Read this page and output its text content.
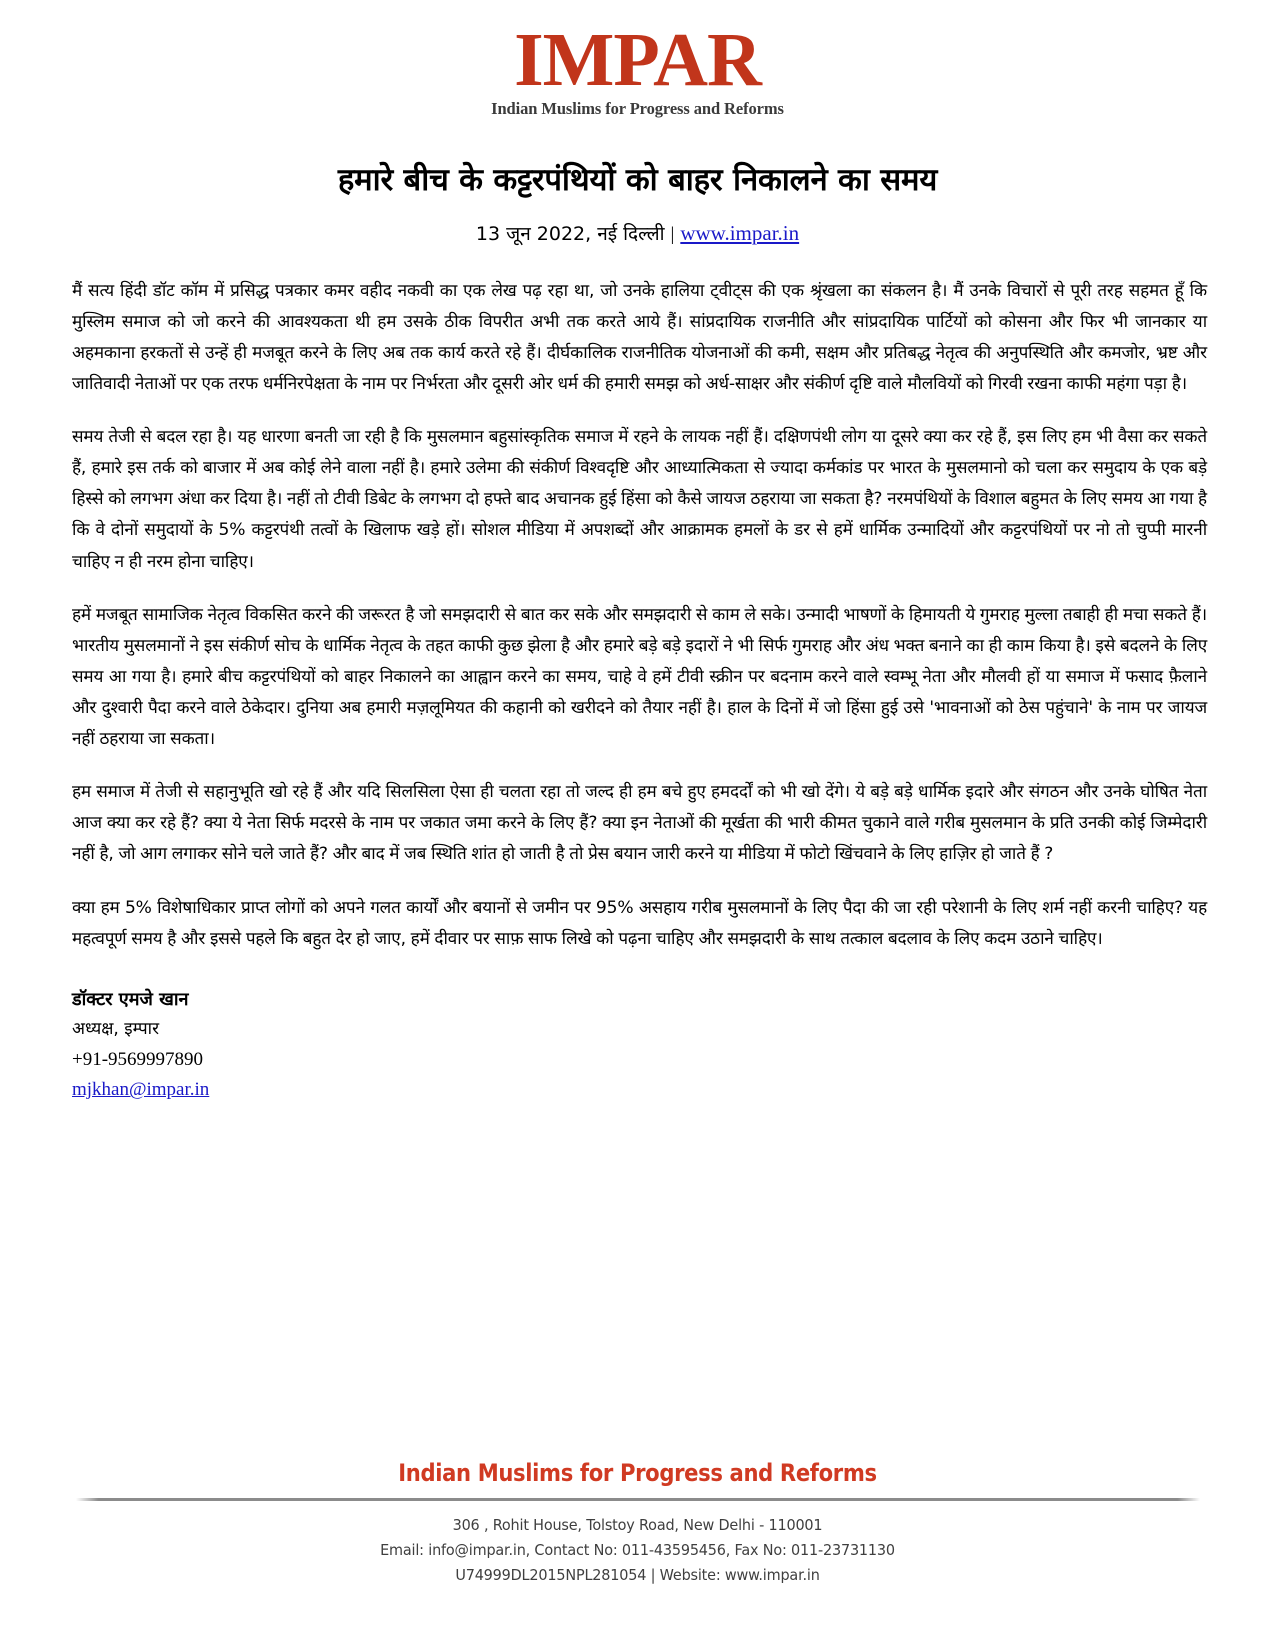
IMPAR
Indian Muslims for Progress and Reforms
हमारे बीच के कट्टरपंथियों को बाहर निकालने का समय
13 जून 2022, नई दिल्ली | www.impar.in

मैं सत्य हिंदी डॉट कॉम में प्रसिद्ध पत्रकार कमर वहीद नकवी का एक लेख पढ़ रहा था, जो उनके हालिया ट्वीट्स की एक श्रृंखला का संकलन है। मैं उनके विचारों से पूरी तरह सहमत हूँ कि मुस्लिम समाज को जो करने की आवश्यकता थी हम उसके ठीक विपरीत अभी तक करते आये हैं। सांप्रदायिक राजनीति और सांप्रदायिक पार्टियों को कोसना और फिर भी जानकार या अहमकाना हरकतों से उन्हें ही मजबूत करने के लिए अब तक कार्य करते रहे हैं। दीर्घकालिक राजनीतिक योजनाओं की कमी, सक्षम और प्रतिबद्ध नेतृत्व की अनुपस्थिति और कमजोर, भ्रष्ट और जातिवादी नेताओं पर एक तरफ धर्मनिरपेक्षता के नाम पर निर्भरता और दूसरी ओर धर्म की हमारी समझ को अर्ध-साक्षर और संकीर्ण दृष्टि वाले मौलवियों को गिरवी रखना काफी महंगा पड़ा है।

समय तेजी से बदल रहा है। यह धारणा बनती जा रही है कि मुसलमान बहुसांस्कृतिक समाज में रहने के लायक नहीं हैं। दक्षिणपंथी लोग या दूसरे क्या कर रहे हैं, इस लिए हम भी वैसा कर सकते हैं, हमारे इस तर्क को बाजार में अब कोई लेने वाला नहीं है। हमारे उलेमा की संकीर्ण विश्वदृष्टि और आध्यात्मिकता से ज्यादा कर्मकांड पर भारत के मुसलमानो को चला कर समुदाय के एक बड़े हिस्से को लगभग अंधा कर दिया है। नहीं तो टीवी डिबेट के लगभग दो हफ्ते बाद अचानक हुई हिंसा को कैसे जायज ठहराया जा सकता है? नरमपंथियों के विशाल बहुमत के लिए समय आ गया है कि वे दोनों समुदायों के 5% कट्टरपंथी तत्वों के खिलाफ खड़े हों। सोशल मीडिया में अपशब्दों और आक्रामक हमलों के डर से हमें धार्मिक उन्मादियों और कट्टरपंथियों पर नो तो चुप्पी मारनी चाहिए न ही नरम होना चाहिए।

हमें मजबूत सामाजिक नेतृत्व विकसित करने की जरूरत है जो समझदारी से बात कर सके और समझदारी से काम ले सके। उन्मादी भाषणों के हिमायती ये गुमराह मुल्ला तबाही ही मचा सकते हैं। भारतीय मुसलमानों ने इस संकीर्ण सोच के धार्मिक नेतृत्व के तहत काफी कुछ झेला है और हमारे बड़े बड़े इदारों ने भी सिर्फ गुमराह और अंध भक्त बनाने का ही काम किया है। इसे बदलने के लिए समय आ गया है। हमारे बीच कट्टरपंथियों को बाहर निकालने का आह्वान करने का समय, चाहे वे हमें टीवी स्क्रीन पर बदनाम करने वाले स्वम्भू नेता और मौलवी हों या समाज में फसाद फ़ैलाने और दुश्वारी पैदा करने वाले ठेकेदार। दुनिया अब हमारी मज़लूमियत की कहानी को खरीदने को तैयार नहीं है। हाल के दिनों में जो हिंसा हुई उसे 'भावनाओं को ठेस पहुंचाने' के नाम पर जायज नहीं ठहराया जा सकता।

हम समाज में तेजी से सहानुभूति खो रहे हैं और यदि सिलसिला ऐसा ही चलता रहा तो जल्द ही हम बचे हुए हमदर्दों को भी खो देंगे। ये बड़े बड़े धार्मिक इदारे और संगठन और उनके घोषित नेता आज क्या कर रहे हैं? क्या ये नेता सिर्फ मदरसे के नाम पर जकात जमा करने के लिए हैं? क्या इन नेताओं की मूर्खता की भारी कीमत चुकाने वाले गरीब मुसलमान के प्रति उनकी कोई जिम्मेदारी नहीं है, जो आग लगाकर सोने चले जाते हैं? और बाद में जब स्थिति शांत हो जाती है तो प्रेस बयान जारी करने या मीडिया में फोटो खिंचवाने के लिए हाज़िर हो जाते हैं ?

क्या हम 5% विशेषाधिकार प्राप्त लोगों को अपने गलत कार्यों और बयानों से जमीन पर 95% असहाय गरीब मुसलमानों के लिए पैदा की जा रही परेशानी के लिए शर्म नहीं करनी चाहिए? यह महत्वपूर्ण समय है और इससे पहले कि बहुत देर हो जाए, हमें दीवार पर साफ़ साफ लिखे को पढ़ना चाहिए और समझदारी के साथ तत्काल बदलाव के लिए कदम उठाने चाहिए।

डॉक्टर एमजे खान
अध्यक्ष, इम्पार
+91-9569997890
mjkhan@impar.in
Indian Muslims for Progress and Reforms
306 , Rohit House, Tolstoy Road, New Delhi - 110001
Email: info@impar.in, Contact No: 011-43595456, Fax No: 011-23731130
U74999DL2015NPL281054 | Website: www.impar.in
